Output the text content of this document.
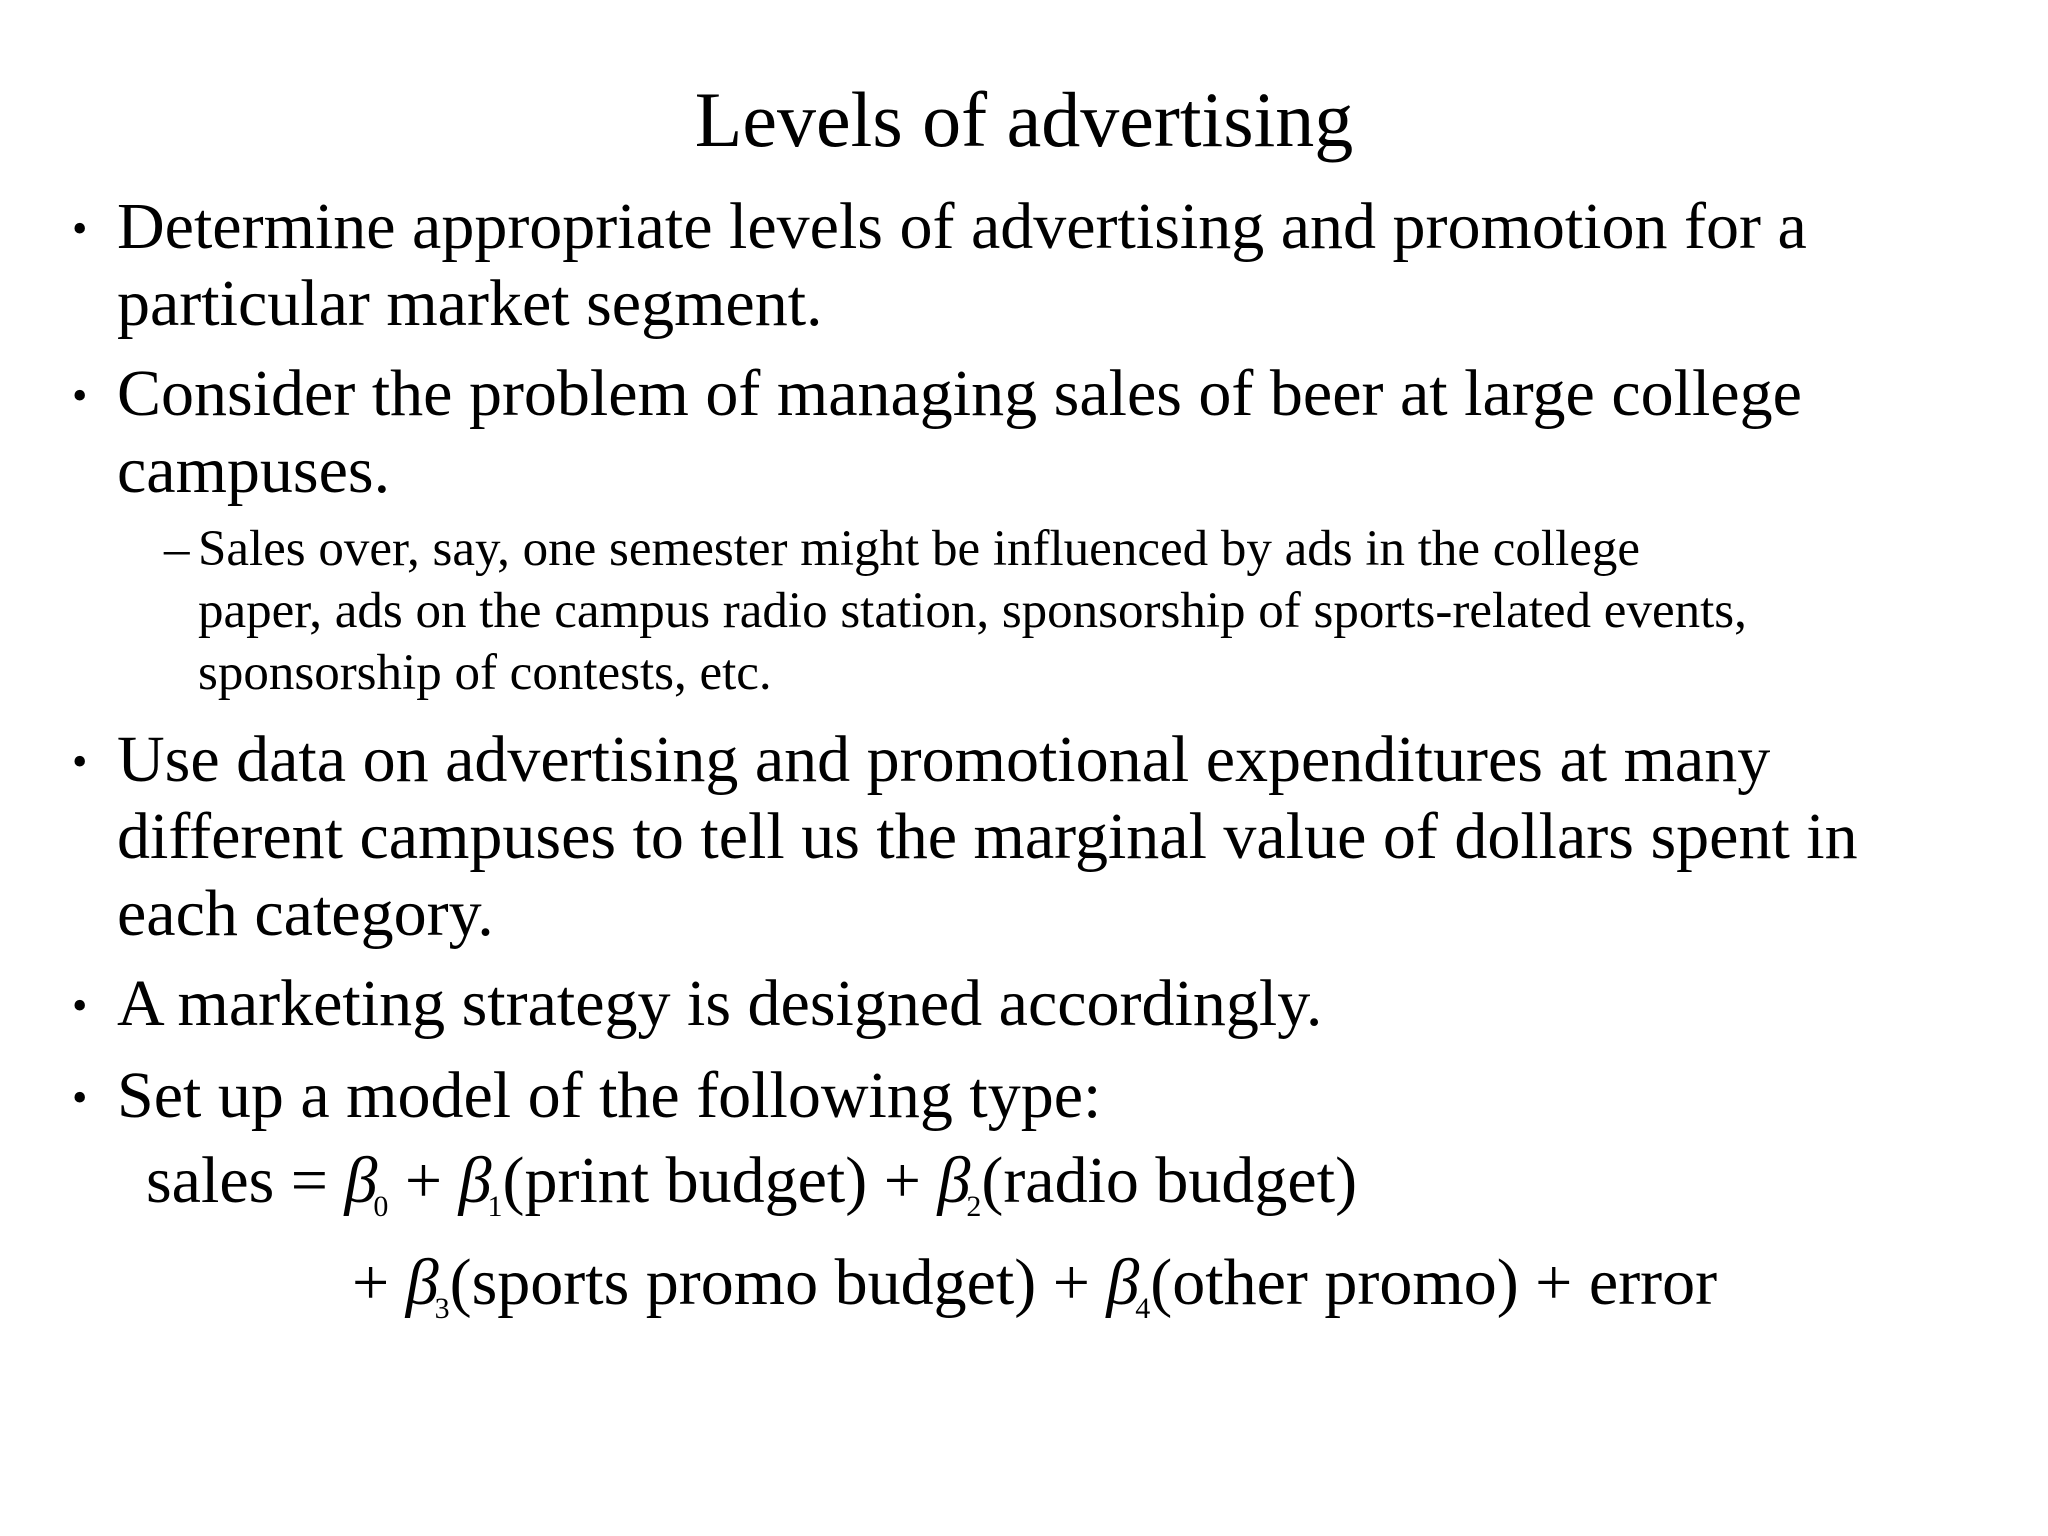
Levels of advertising
• Determine appropriate levels of advertising and promotion for a
particular market segment.
• Consider the problem of managing sales of beer at large college
campuses.
– Sales over, say, one semester might be influenced by ads in the college
paper, ads on the campus radio station, sponsorship of sports-related events,
sponsorship of contests, etc.
• Use data on advertising and promotional expenditures at many
different campuses to tell us the marginal value of dollars spent in
each category.
• A marketing strategy is designed accordingly.
• Set up a model of the following type:
sales = $\beta_0$ + $\beta_1(print$ budget) + $\beta_2(radio$ budget)
+ $\beta_3(sports$ promo budget) + $\beta_4(other$ promo) + error
